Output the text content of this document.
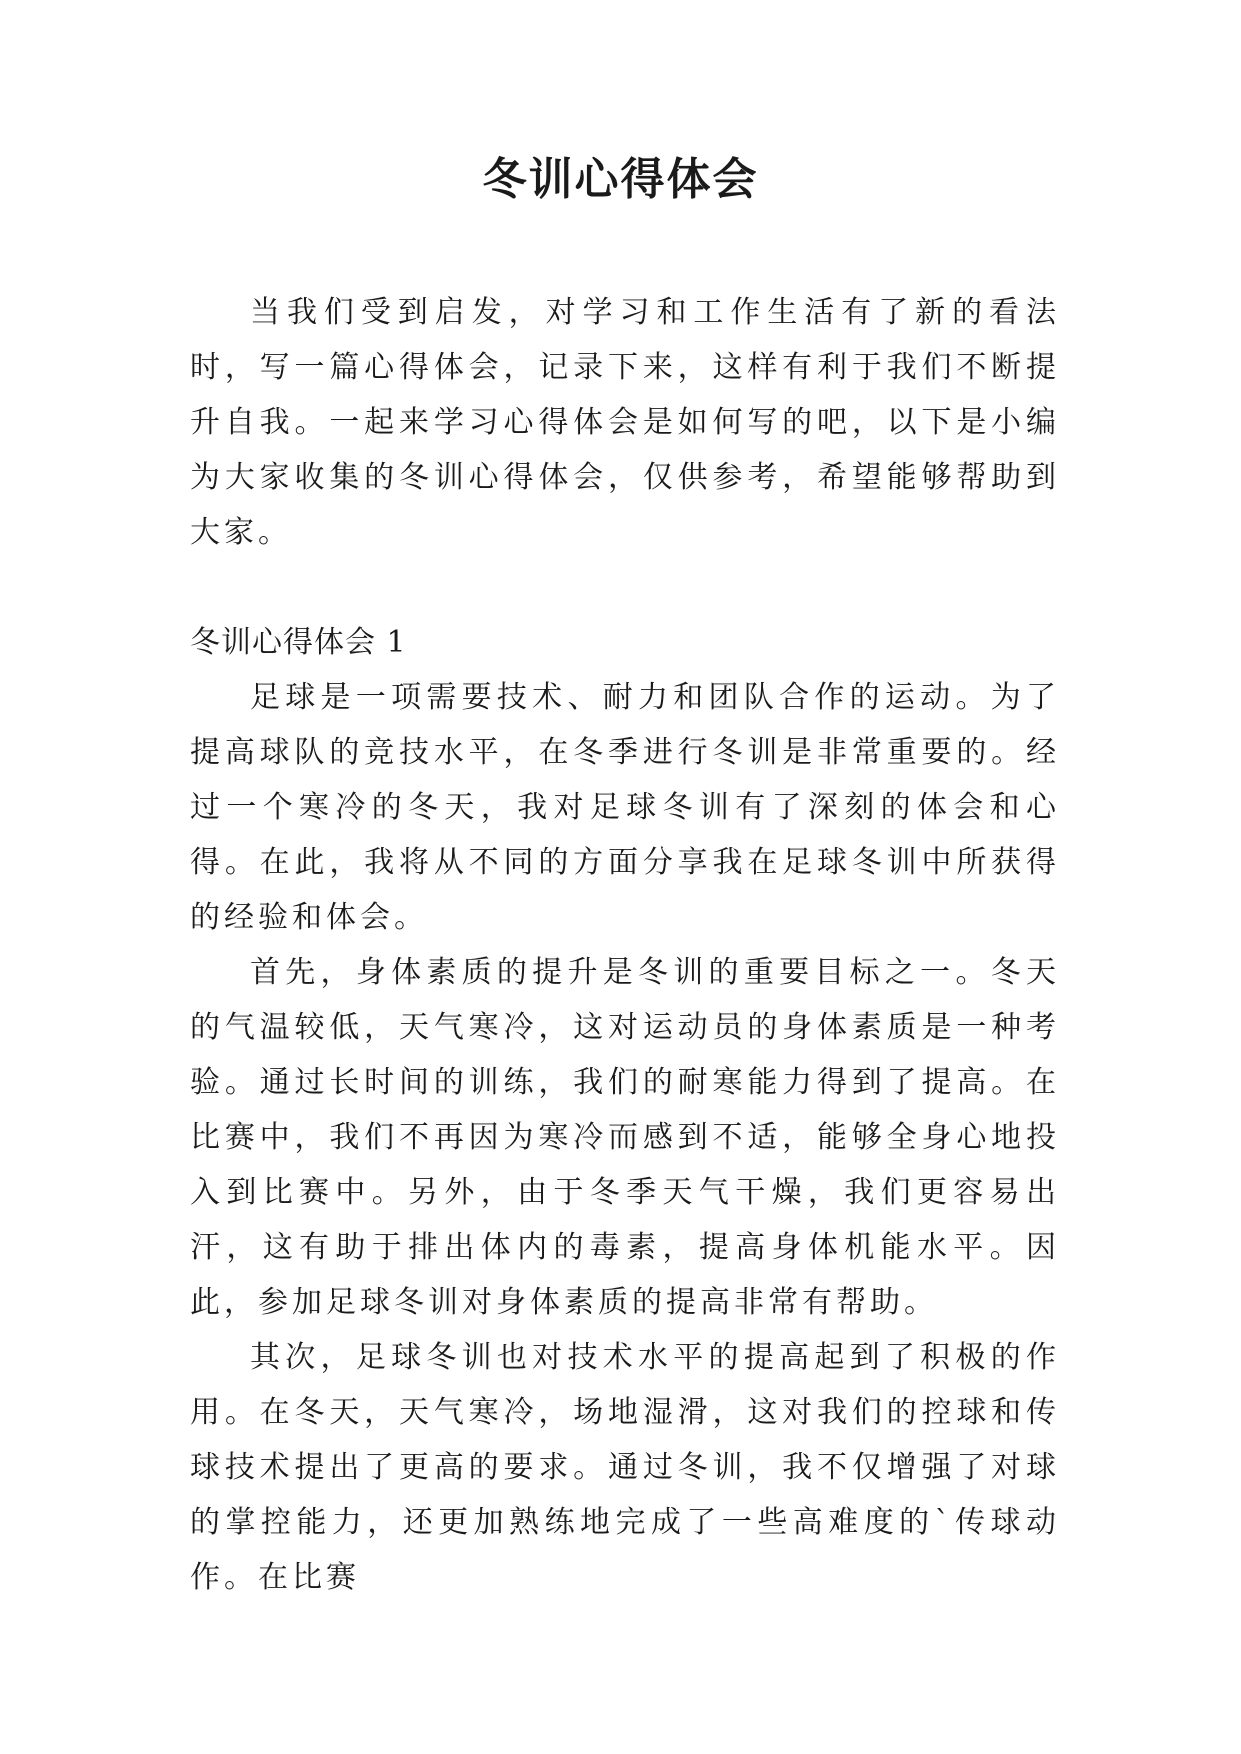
冬训心得体会

当我们受到启发，对学习和工作生活有了新的看法时，写一篇心得体会，记录下来，这样有利于我们不断提升自我。一起来学习心得体会是如何写的吧，以下是小编为大家收集的冬训心得体会，仅供参考，希望能够帮助到大家。

冬训心得体会 1

足球是一项需要技术、耐力和团队合作的运动。为了提高球队的竞技水平，在冬季进行冬训是非常重要的。经过一个寒冷的冬天，我对足球冬训有了深刻的体会和心得。在此，我将从不同的方面分享我在足球冬训中所获得的经验和体会。

首先，身体素质的提升是冬训的重要目标之一。冬天的气温较低，天气寒冷，这对运动员的身体素质是一种考验。通过长时间的训练，我们的耐寒能力得到了提高。在比赛中，我们不再因为寒冷而感到不适，能够全身心地投入到比赛中。另外，由于冬季天气干燥，我们更容易出汗，这有助于排出体内的毒素，提高身体机能水平。因此，参加足球冬训对身体素质的提高非常有帮助。

其次，足球冬训也对技术水平的提高起到了积极的作用。在冬天，天气寒冷，场地湿滑，这对我们的控球和传球技术提出了更高的要求。通过冬训，我不仅增强了对球的掌控能力，还更加熟练地完成了一些高难度的`传球动作。在比赛
